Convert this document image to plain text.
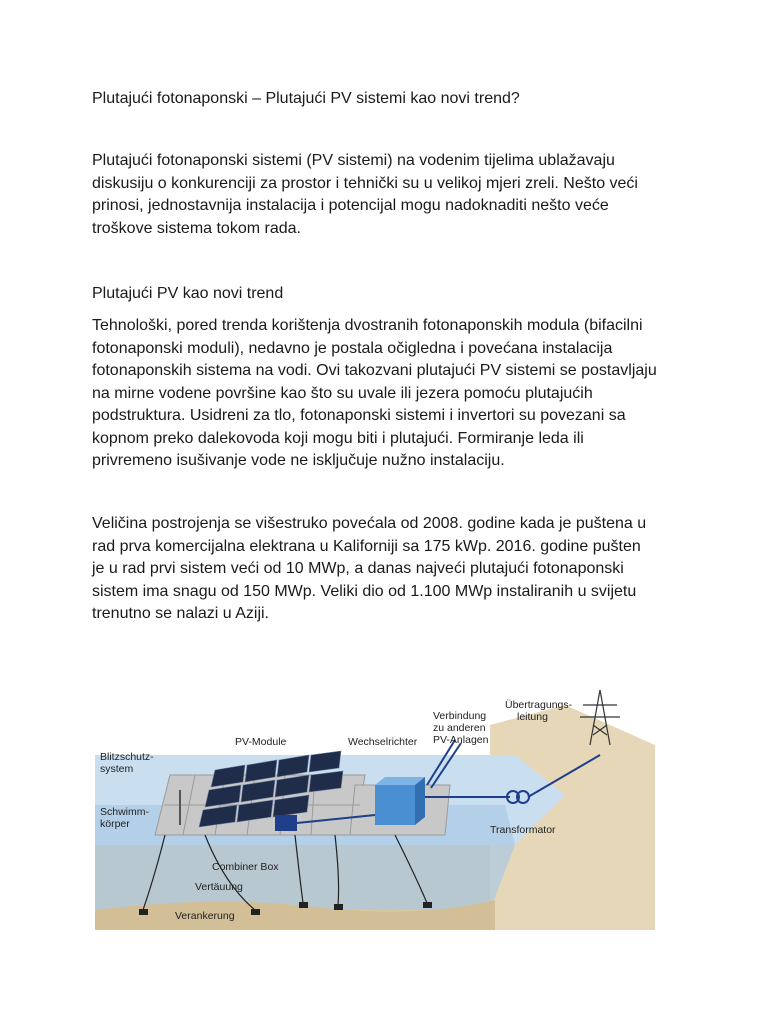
Plutajući fotonaponski – Plutajući PV sistemi kao novi trend?

Plutajući fotonaponski sistemi (PV sistemi) na vodenim tijelima ublažavaju
diskusiju o konkurenciji za prostor i tehnički su u velikoj mjeri zreli. Nešto veći
prinosi, jednostavnija instalacija i potencijal mogu nadoknaditi nešto veće
troškove sistema tokom rada.

Plutajući PV kao novi trend

Tehnološki, pored trenda korištenja dvostranih fotonaponskih modula (bifacilni
fotonaponski moduli), nedavno je postala očigledna i povećana instalacija
fotonaponskih sistema na vodi. Ovi takozvani plutajući PV sistemi se postavljaju
na mirne vodene površine kao što su uvale ili jezera pomoću plutajućih
podstruktura. Usidreni za tlo, fotonaponski sistemi i invertori su povezani sa
kopnom preko dalekovoda koji mogu biti i plutajući. Formiranje leda ili
privremeno isušivanje vode ne isključuje nužno instalaciju.

Veličina postrojenja se višestruko povećala od 2008. godine kada je puštena u
rad prva komercijalna elektrana u Kaliforniji sa 175 kWp. 2016. godine pušten
je u rad prvi sistem veći od 10 MWp, a danas najveći plutajući fotonaponski
sistem ima snagu od 150 MWp. Veliki dio od 1.100 MWp instaliranih u svijetu
trenutno se nalazi u Aziji.

Blitzschutz-
system
Schwimm-
körper
PV-Module	Wechselrichter
Verbindung
zu anderen
PV-Anlagen
Übertragungs-
leitung
Transformator
Combiner Box
Vertäuung
Verankerung
